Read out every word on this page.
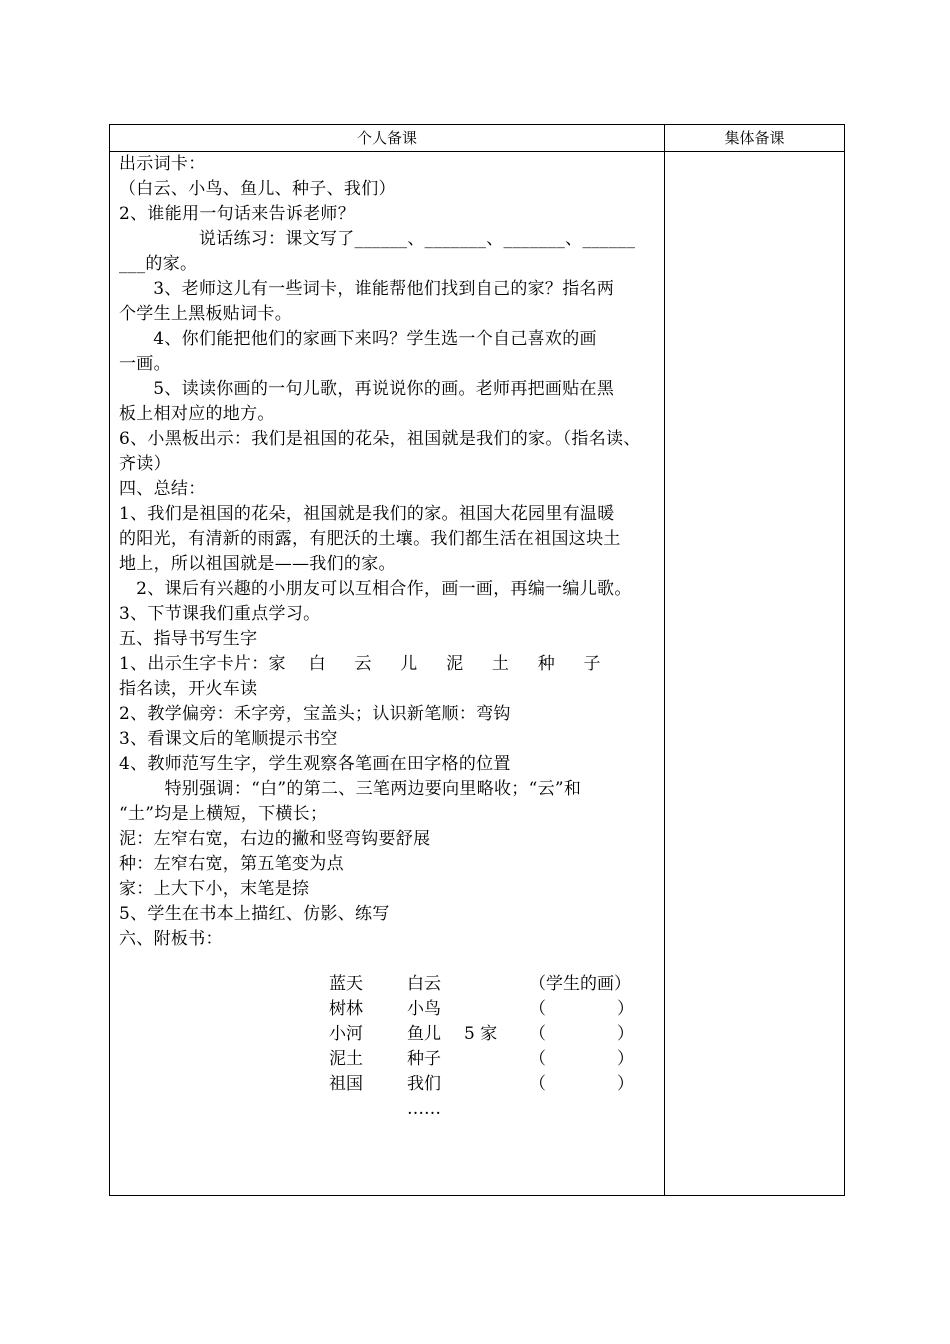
个人备课	集体备课
出示词卡：
（白云、小鸟、鱼儿、种子、我们）
2、谁能用一句话来告诉老师？
说话练习：课文写了______、_______、_______、______
___的家。
3、老师这儿有一些词卡，谁能帮他们找到自己的家？指名两
个学生上黑板贴词卡。
4、你们能把他们的家画下来吗？学生选一个自己喜欢的画
一画。
5、读读你画的一句儿歌，再说说你的画。老师再把画贴在黑
板上相对应的地方。
6、小黑板出示：我们是祖国的花朵，祖国就是我们的家。（指名读、
齐读）
四、总结：
1、我们是祖国的花朵，祖国就是我们的家。祖国大花园里有温暖
的阳光，有清新的雨露，有肥沃的土壤。我们都生活在祖国这块土
地上，所以祖国就是——我们的家。
2、课后有兴趣的小朋友可以互相合作，画一画，再编一编儿歌。
3、下节课我们重点学习。
五、指导书写生字
1、出示生字卡片：家    白     云     儿     泥     土     种     子
指名读，开火车读
2、教学偏旁：禾字旁，宝盖头；认识新笔顺：弯钩
3、看课文后的笔顺提示书空
4、教师范写生字，学生观察各笔画在田字格的位置
特别强调：“白”的第二、三笔两边要向里略收；“云”和
“土”均是上横短，下横长；
泥：左窄右宽，右边的撇和竖弯钩要舒展
种：左窄右宽，第五笔变为点
家：上大下小，末笔是捺
5、学生在书本上描红、仿影、练写
六、附板书：
蓝天	白云	（学生的画）
树林	小鸟	（	）
小河	鱼儿 5 家 （	）
泥土	种子	（	）
祖国	我们	（	）
……
